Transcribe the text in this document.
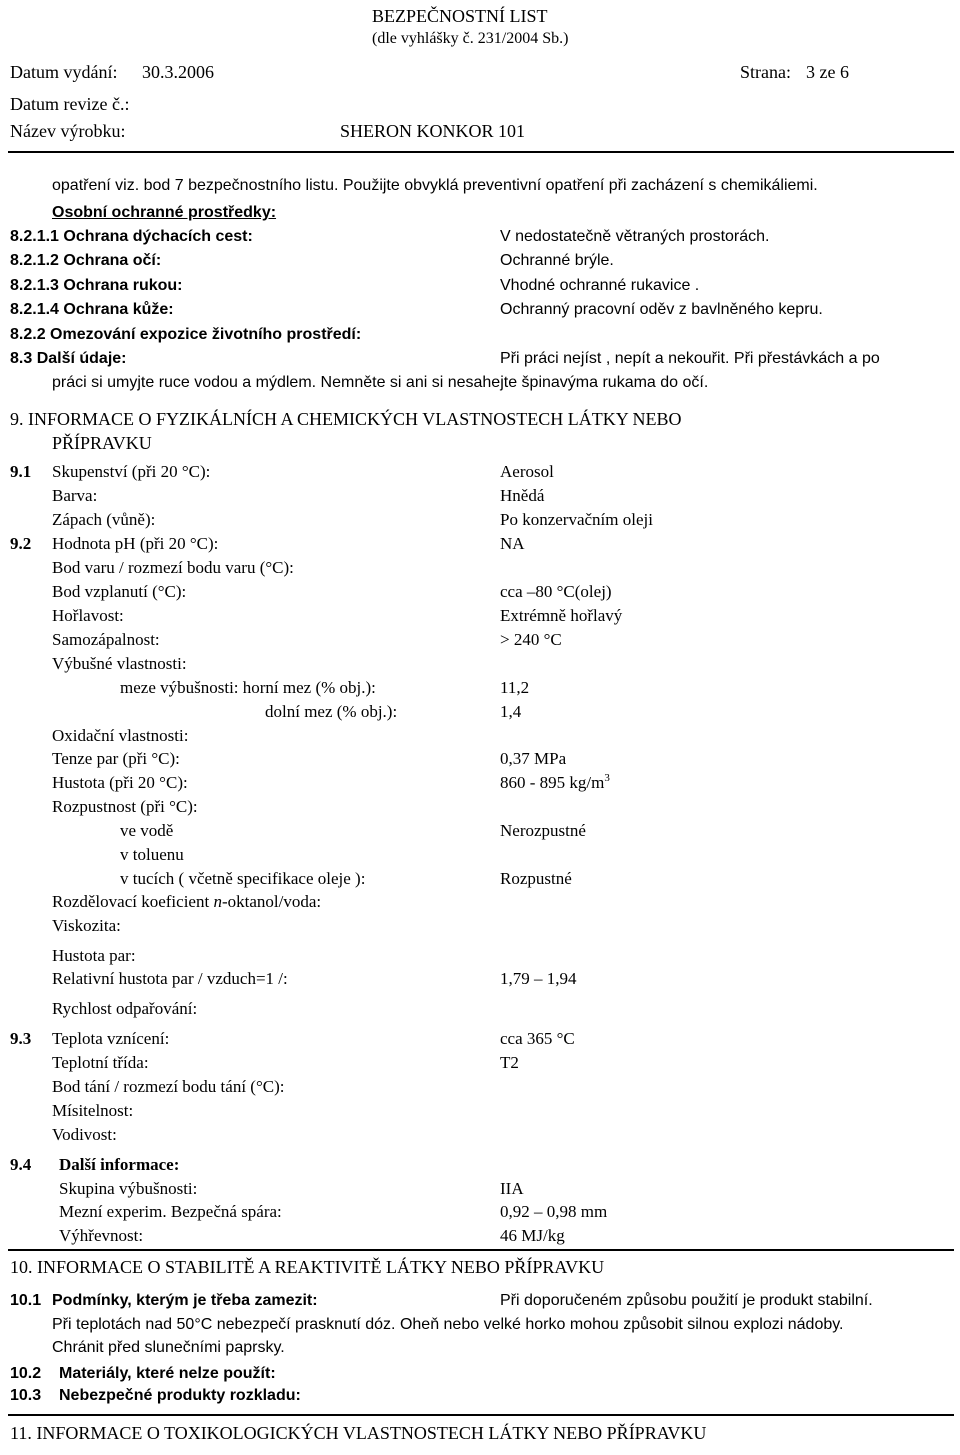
BEZPEČNOSTNÍ LIST
(dle vyhlášky č. 231/2004 Sb.)
Datum vydání: 30.3.2006	Strana: 3 ze 6
Datum revize č.:
Název výrobku:	SHERON KONKOR 101
opatření viz. bod 7 bezpečnostního listu. Použijte obvyklá preventivní opatření při zacházení s chemikáliemi.
Osobní ochranné prostředky:
8.2.1.1 Ochrana dýchacích cest:	V nedostatečně větraných prostorách.
8.2.1.2 Ochrana očí:	Ochranné brýle.
8.2.1.3 Ochrana rukou:	Vhodné ochranné rukavice .
8.2.1.4 Ochrana kůže:	Ochranný pracovní oděv z bavlněného kepru.
8.2.2 Omezování expozice životního prostředí:
8.3 Další údaje:	Při práci nejíst , nepít a nekouřit. Při přestávkách a po
práci si umyjte ruce vodou a mýdlem. Nemněte si ani si nesahejte špinavýma rukama do očí.
9. INFORMACE O FYZIKÁLNÍCH A CHEMICKÝCH VLASTNOSTECH LÁTKY NEBO
PŘÍPRAVKU
9.1 Skupenství (při 20 °C):	Aerosol
Barva:	Hnědá
Zápach (vůně):	Po konzervačním oleji
9.2 Hodnota pH (při 20 °C):	NA
Bod varu / rozmezí bodu varu (°C):
Bod vzplanutí (°C):	cca –80 °C(olej)
Hořlavost:	Extrémně hořlavý
Samozápalnost:	> 240 °C
Výbušné vlastnosti:
meze výbušnosti: horní mez (% obj.):	11,2
dolní mez (% obj.):	1,4
Oxidační vlastnosti:
Tenze par (při °C):	0,37 MPa
Hustota (při 20 °C):	860 - 895 $kg/m^3$
Rozpustnost (při °C):
ve vodě	Nerozpustné
v toluenu
v tucích ( včetně specifikace oleje ):	Rozpustné
Rozdělovací koeficient n-oktanol/voda:
Viskozita:
Hustota par:
Relativní hustota par / vzduch=1 /:	1,79 – 1,94
Rychlost odpařování:
9.3 Teplota vznícení:	cca 365 °C
Teplotní třída:	T2
Bod tání / rozmezí bodu tání (°C):
Mísitelnost:
Vodivost:
9.4 Další informace:
Skupina výbušnosti:	IIA
Mezní experim. Bezpečná spára:	0,92 – 0,98 mm
Výhřevnost:	46 MJ/kg
10. INFORMACE O STABILITĚ A REAKTIVITĚ LÁTKY NEBO PŘÍPRAVKU
10.1 Podmínky, kterým je třeba zamezit:	Při doporučeném způsobu použití je produkt stabilní.
Při teplotách nad 50°C nebezpečí prasknutí dóz. Oheň nebo velké horko mohou způsobit silnou explozi nádoby.
Chránit před slunečními paprsky.
10.2 Materiály, které nelze použít:
10.3 Nebezpečné produkty rozkladu:
11. INFORMACE O TOXIKOLOGICKÝCH VLASTNOSTECH LÁTKY NEBO PŘÍPRAVKU
